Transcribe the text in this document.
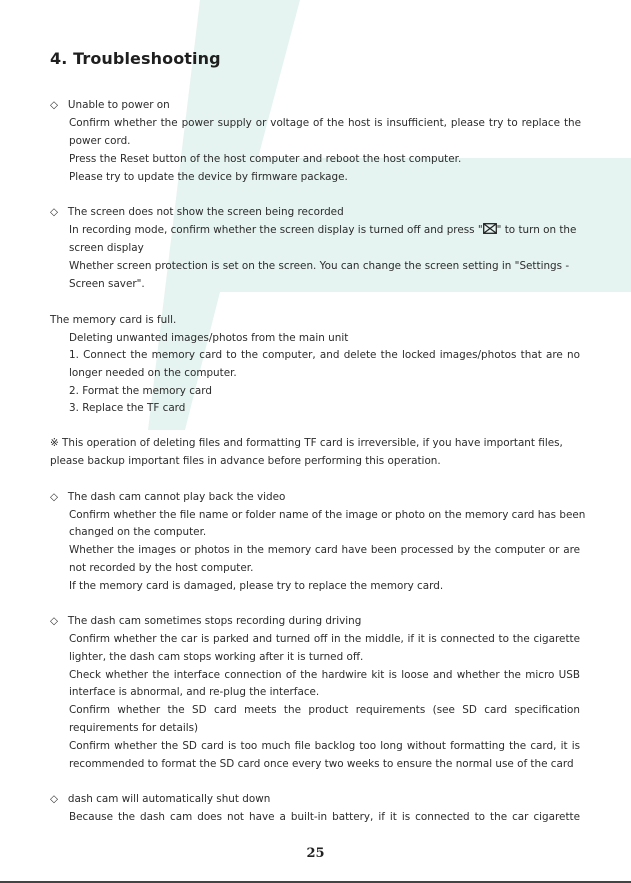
4. Troubleshooting
◇ Unable to power on
Confirm whether the power supply or voltage of the host is insufficient, please try to replace the
power cord.
Press the Reset button of the host computer and reboot the host computer.
Please try to update the device by firmware package.
◇ The screen does not show the screen being recorded
In recording mode, confirm whether the screen display is turned off and press " " to turn on the
screen display
Whether screen protection is set on the screen. You can change the screen setting in "Settings -
Screen saver".
The memory card is full.
Deleting unwanted images/photos from the main unit
1. Connect the memory card to the computer, and delete the locked images/photos that are no
longer needed on the computer.
2. Format the memory card
3. Replace the TF card
※ This operation of deleting files and formatting TF card is irreversible, if you have important files,
please backup important files in advance before performing this operation.
◇ The dash cam cannot play back the video
Confirm whether the file name or folder name of the image or photo on the memory card has been
changed on the computer.
Whether the images or photos in the memory card have been processed by the computer or are
not recorded by the host computer.
If the memory card is damaged, please try to replace the memory card.
◇ The dash cam sometimes stops recording during driving
Confirm whether the car is parked and turned off in the middle, if it is connected to the cigarette
lighter, the dash cam stops working after it is turned off.
Check whether the interface connection of the hardwire kit is loose and whether the micro USB
interface is abnormal, and re-plug the interface.
Confirm whether the SD card meets the product requirements (see SD card specification
requirements for details)
Confirm whether the SD card is too much file backlog too long without formatting the card, it is
recommended to format the SD card once every two weeks to ensure the normal use of the card
◇ dash cam will automatically shut down
Because the dash cam does not have a built-in battery, if it is connected to the car cigarette
25
